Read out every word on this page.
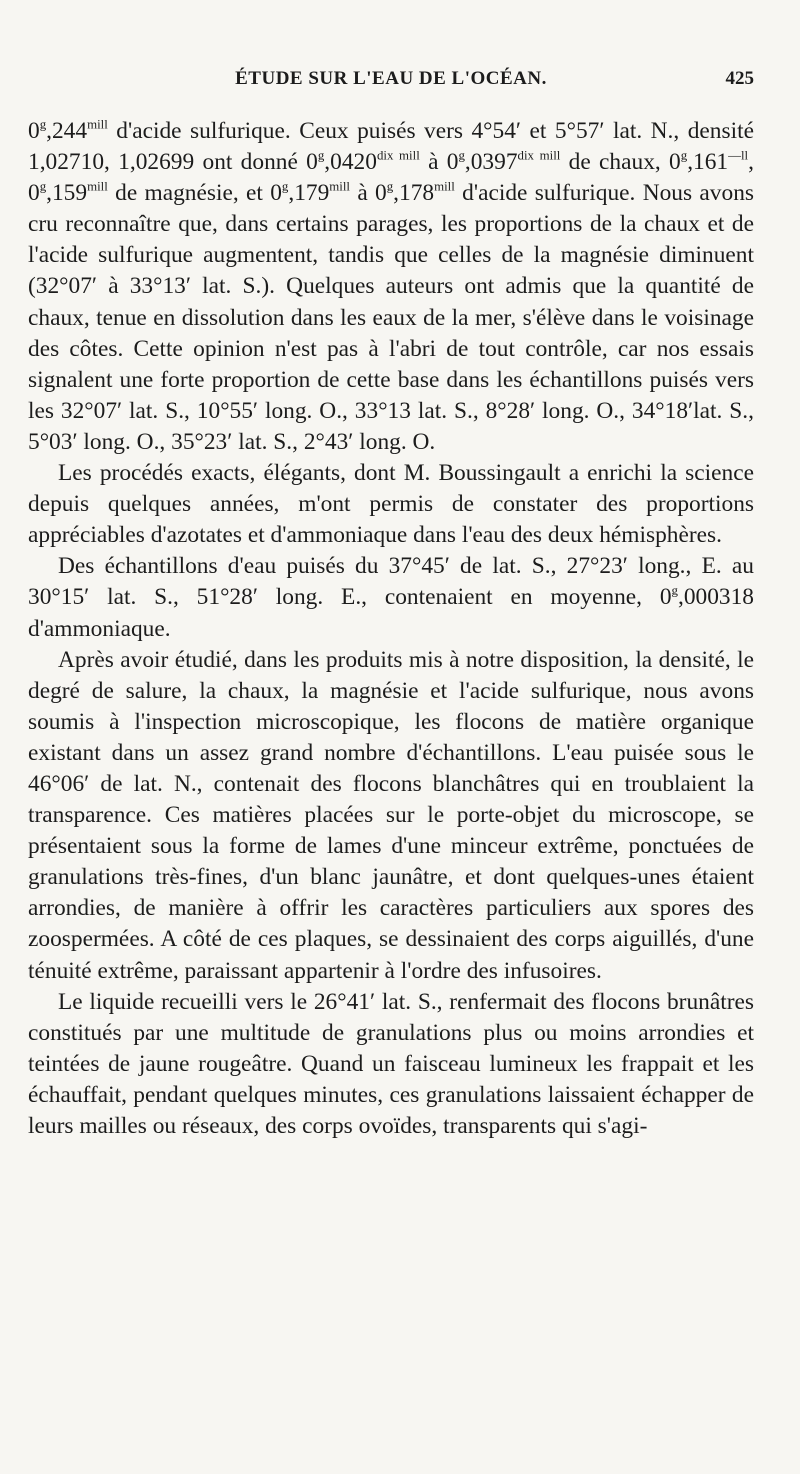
ÉTUDE SUR L'EAU DE L'OCÉAN.	425

$0^g,244^{mill}$ d'acide sulfurique. Ceux puisés vers 4°54′ et 5°57′ lat. N., densité 1,02710, 1,02699 ont donné $0^g,0420^{dix mill}$ à $0^g,0397^{dix mill}$ de chaux, $0^g,161^{—ll}$, $0^g,159^{mill}$ de magnésie, et $0^g,179^{mill}$ à $0^g,178^{mill}$ d'acide sulfurique. Nous avons cru reconnaître que, dans certains parages, les proportions de la chaux et de l'acide sulfurique augmentent, tandis que celles de la magnésie diminuent (32°07′ à 33°13′ lat. S.). Quelques auteurs ont admis que la quantité de chaux, tenue en dissolution dans les eaux de la mer, s'élève dans le voisinage des côtes. Cette opinion n'est pas à l'abri de tout contrôle, car nos essais signalent une forte proportion de cette base dans les échantillons puisés vers les 32°07′ lat. S., 10°55′ long. O., 33°13 lat. S., 8°28′ long. O., 34°18′lat. S., 5°03′ long. O., 35°23′ lat. S., 2°43′ long. O.

Les procédés exacts, élégants, dont M. Boussingault a enrichi la science depuis quelques années, m'ont permis de constater des proportions appréciables d'azotates et d'ammoniaque dans l'eau des deux hémisphères.

Des échantillons d'eau puisés du 37°45′ de lat. S., 27°23′ long., E. au 30°15′ lat. S., 51°28′ long. E., contenaient en moyenne, 0$^g$,000318 d'ammoniaque.

Après avoir étudié, dans les produits mis à notre disposition, la densité, le degré de salure, la chaux, la magnésie et l'acide sulfurique, nous avons soumis à l'inspection microscopique, les flocons de matière organique existant dans un assez grand nombre d'échantillons. L'eau puisée sous le 46°06′ de lat. N., contenait des flocons blanchâtres qui en troublaient la transparence. Ces matières placées sur le porte-objet du microscope, se présentaient sous la forme de lames d'une minceur extrême, ponctuées de granulations très-fines, d'un blanc jaunâtre, et dont quelques-unes étaient arrondies, de manière à offrir les caractères particuliers aux spores des zoospermées. A côté de ces plaques, se dessinaient des corps aiguillés, d'une ténuité extrême, paraissant appartenir à l'ordre des infusoires.

Le liquide recueilli vers le 26°41′ lat. S., renfermait des flocons brunâtres constitués par une multitude de granulations plus ou moins arrondies et teintées de jaune rougeâtre. Quand un faisceau lumineux les frappait et les échauffait, pendant quelques minutes, ces granulations laissaient échapper de leurs mailles ou réseaux, des corps ovoïdes, transparents qui s'agi-
